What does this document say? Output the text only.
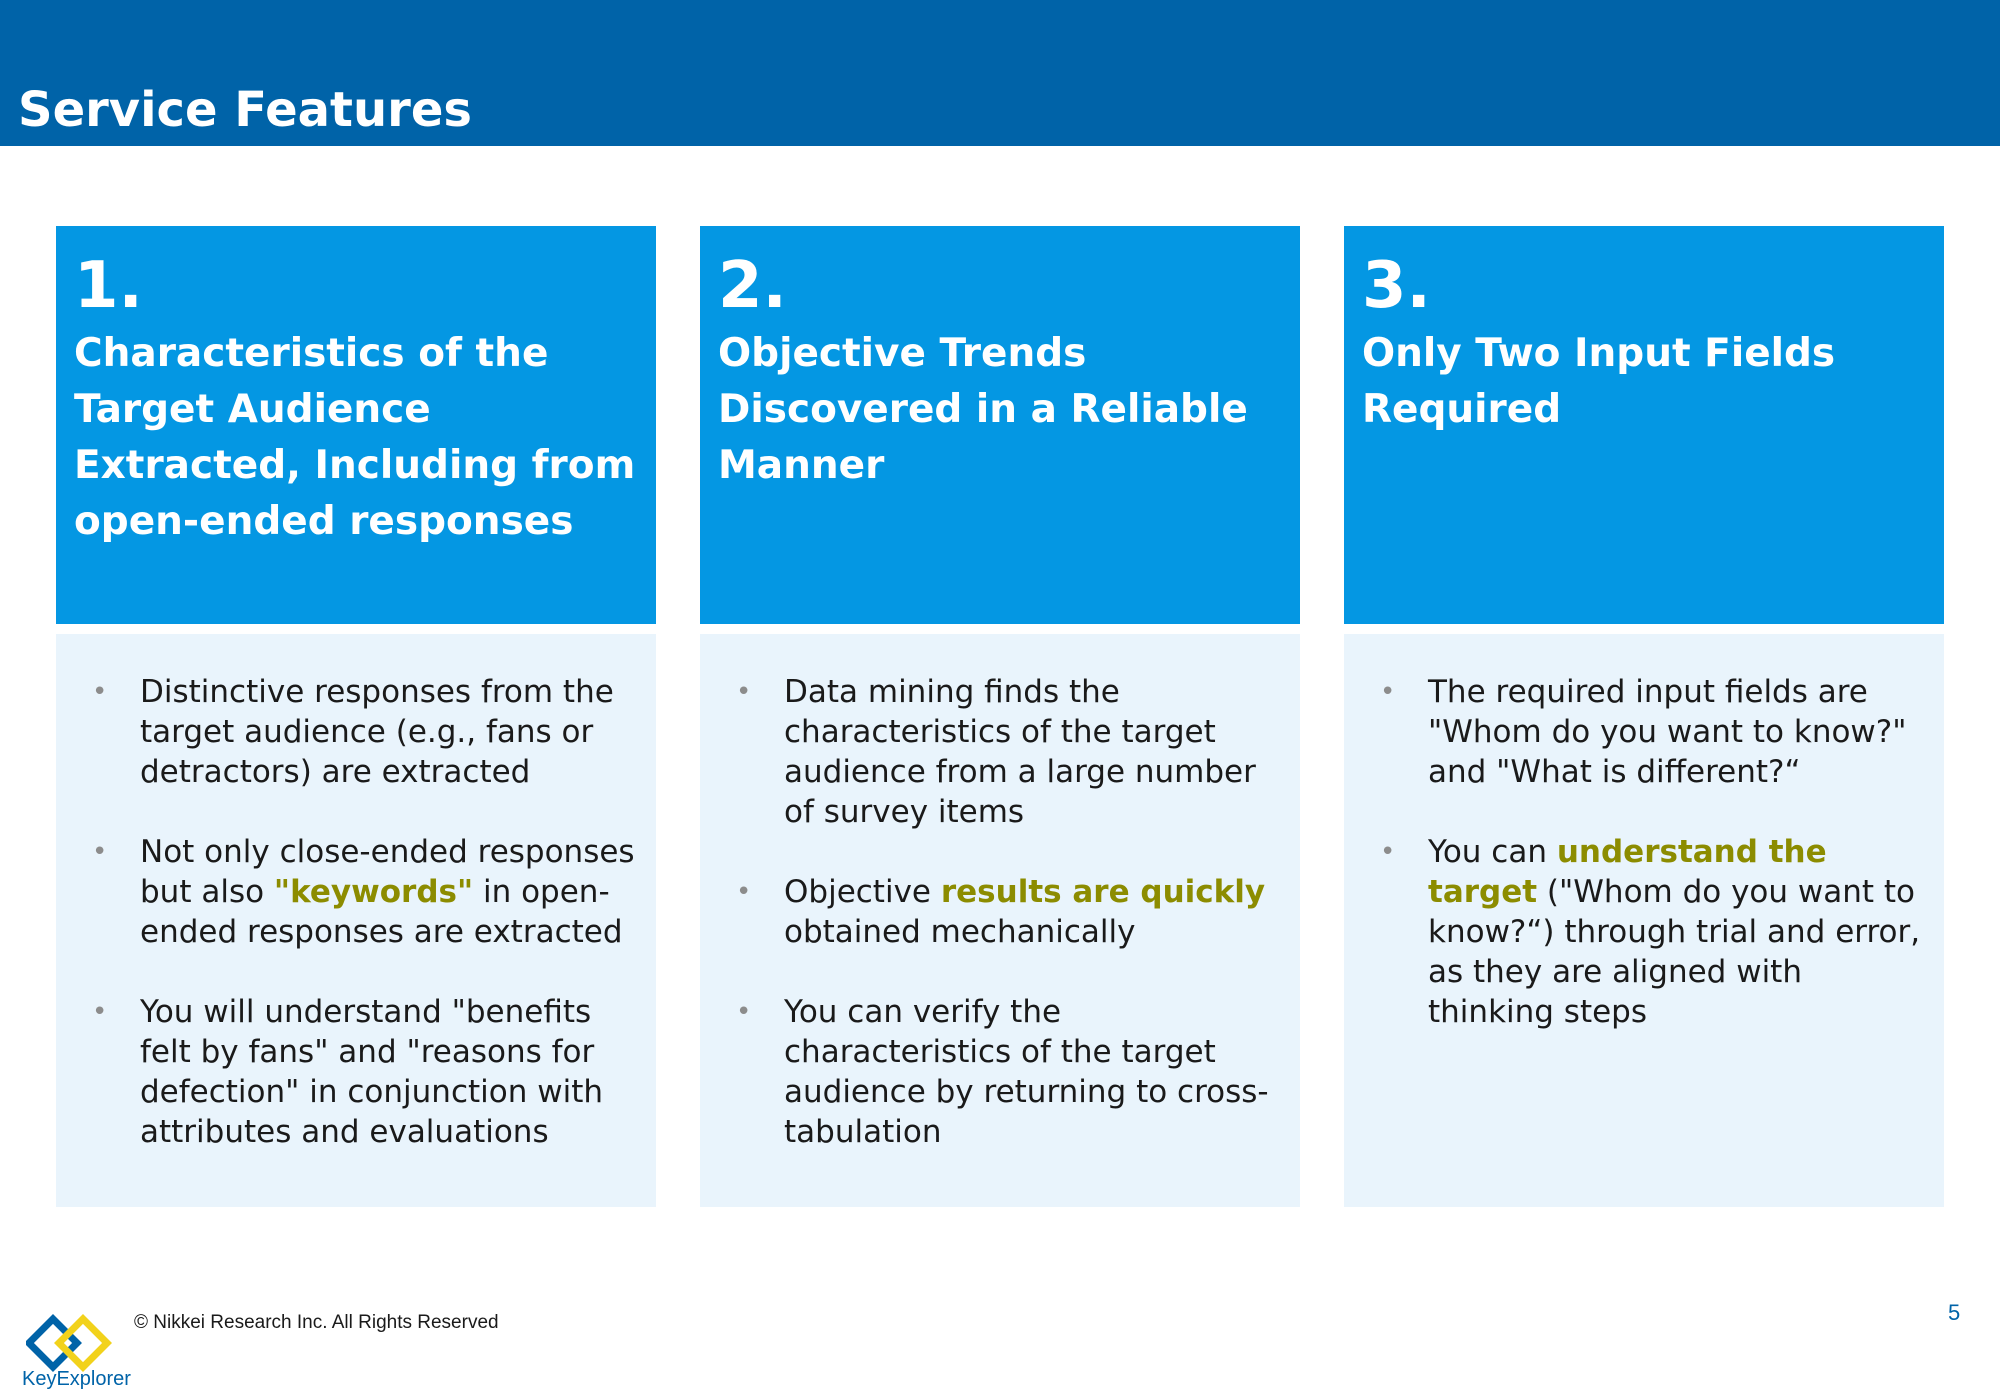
Service Features
1.
Characteristics of the Target Audience Extracted, Including from open-ended responses
• Distinctive responses from the target audience (e.g., fans or detractors) are extracted
• Not only close-ended responses but also "keywords" in open-ended responses are extracted
• You will understand "benefits felt by fans" and "reasons for defection" in conjunction with attributes and evaluations
2.
Objective Trends Discovered in a Reliable Manner
• Data mining finds the characteristics of the target audience from a large number of survey items
• Objective results are quickly obtained mechanically
• You can verify the characteristics of the target audience by returning to cross-tabulation
3.
Only Two Input Fields Required
• The required input fields are "Whom do you want to know?" and "What is different?“
• You can understand the target ("Whom do you want to know?“) through trial and error, as they are aligned with thinking steps
KeyExplorer
© Nikkei Research Inc. All Rights Reserved	5
